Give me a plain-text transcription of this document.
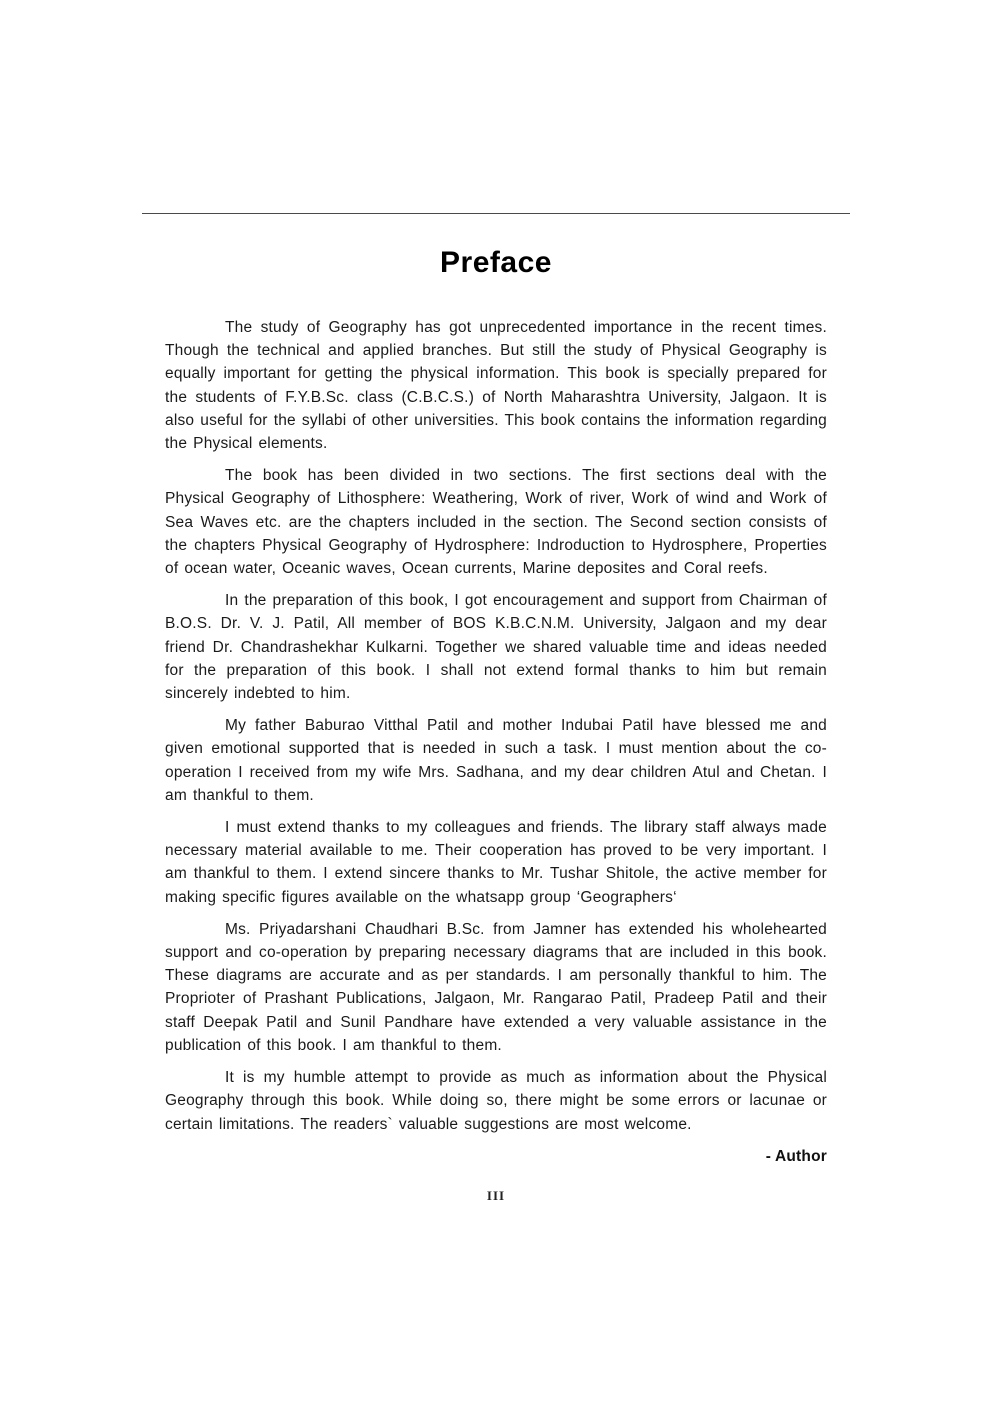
Preface

The study of Geography has got unprecedented importance in the recent times. Though the technical and applied branches. But still the study of Physical Geography is equally important for getting the physical information. This book is specially prepared for the students of F.Y.B.Sc. class (C.B.C.S.) of North Maharashtra University, Jalgaon. It is also useful for the syllabi of other universities. This book contains the information regarding the Physical elements.

The book has been divided in two sections. The first sections deal with the Physical Geography of Lithosphere: Weathering, Work of river, Work of wind and Work of Sea Waves etc. are the chapters included in the section. The Second section consists of the chapters Physical Geography of Hydrosphere: Indroduction to Hydrosphere, Properties of ocean water, Oceanic waves, Ocean currents, Marine deposites and Coral reefs.

In the preparation of this book, I got encouragement and support from Chairman of B.O.S. Dr. V. J. Patil, All member of BOS K.B.C.N.M. University, Jalgaon and my dear friend Dr. Chandrashekhar Kulkarni. Together we shared valuable time and ideas needed for the preparation of this book. I shall not extend formal thanks to him but remain sincerely indebted to him.

My father Baburao Vitthal Patil and mother Indubai Patil have blessed me and given emotional supported that is needed in such a task. I must mention about the co-operation I received from my wife Mrs. Sadhana, and my dear children Atul and Chetan. I am thankful to them.

I must extend thanks to my colleagues and friends. The library staff always made necessary material available to me. Their cooperation has proved to be very important. I am thankful to them. I extend sincere thanks to Mr. Tushar Shitole, the active member for making specific figures available on the whatsapp group ‘Geographers‘

Ms. Priyadarshani Chaudhari B.Sc. from Jamner has extended his wholehearted support and co-operation by preparing necessary diagrams that are included in this book. These diagrams are accurate and as per standards. I am personally thankful to him. The Proprioter of Prashant Publications, Jalgaon, Mr. Rangarao Patil, Pradeep Patil and their staff Deepak Patil and Sunil Pandhare have extended a very valuable assistance in the publication of this book. I am thankful to them.

It is my humble attempt to provide as much as information about the Physical Geography through this book. While doing so, there might be some errors or lacunae or certain limitations. The readers` valuable suggestions are most welcome.

- Author
III
